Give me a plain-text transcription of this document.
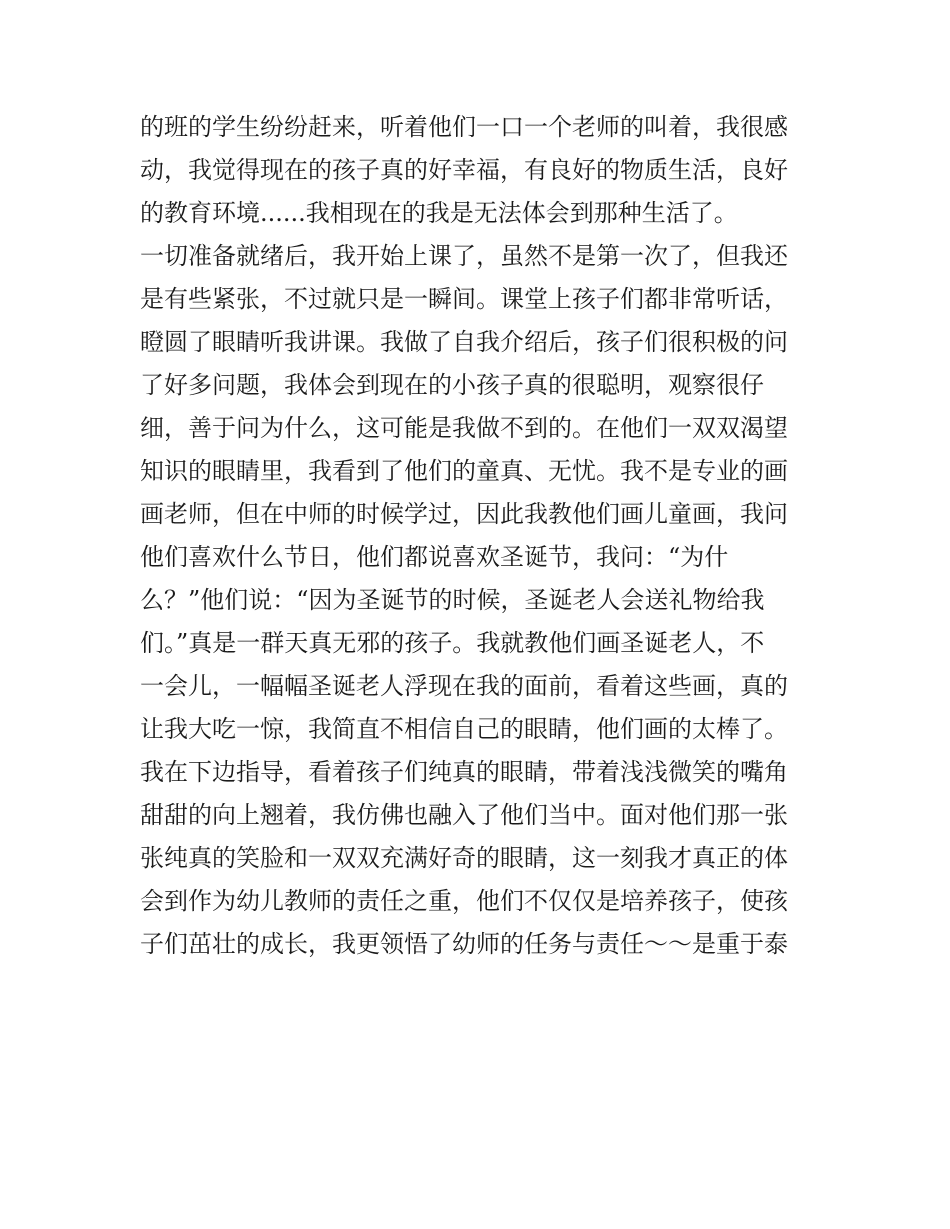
的班的学生纷纷赶来，听着他们一口一个老师的叫着，我很感
动，我觉得现在的孩子真的好幸福，有良好的物质生活，良好
的教育环境......我相现在的我是无法体会到那种生活了。
一切准备就绪后，我开始上课了，虽然不是第一次了，但我还
是有些紧张，不过就只是一瞬间。课堂上孩子们都非常听话，
瞪圆了眼睛听我讲课。我做了自我介绍后，孩子们很积极的问
了好多问题，我体会到现在的小孩子真的很聪明，观察很仔
细，善于问为什么，这可能是我做不到的。在他们一双双渴望
知识的眼睛里，我看到了他们的童真、无忧。我不是专业的画
画老师，但在中师的时候学过，因此我教他们画儿童画，我问
他们喜欢什么节日，他们都说喜欢圣诞节，我问：“为什
么？”他们说：“因为圣诞节的时候，圣诞老人会送礼物给我
们。”真是一群天真无邪的孩子。我就教他们画圣诞老人，不
一会儿，一幅幅圣诞老人浮现在我的面前，看着这些画，真的
让我大吃一惊，我简直不相信自己的眼睛，他们画的太棒了。
我在下边指导，看着孩子们纯真的眼睛，带着浅浅微笑的嘴角
甜甜的向上翘着，我仿佛也融入了他们当中。面对他们那一张
张纯真的笑脸和一双双充满好奇的眼睛，这一刻我才真正的体
会到作为幼儿教师的责任之重，他们不仅仅是培养孩子，使孩
子们茁壮的成长，我更领悟了幼师的任务与责任～～是重于泰
